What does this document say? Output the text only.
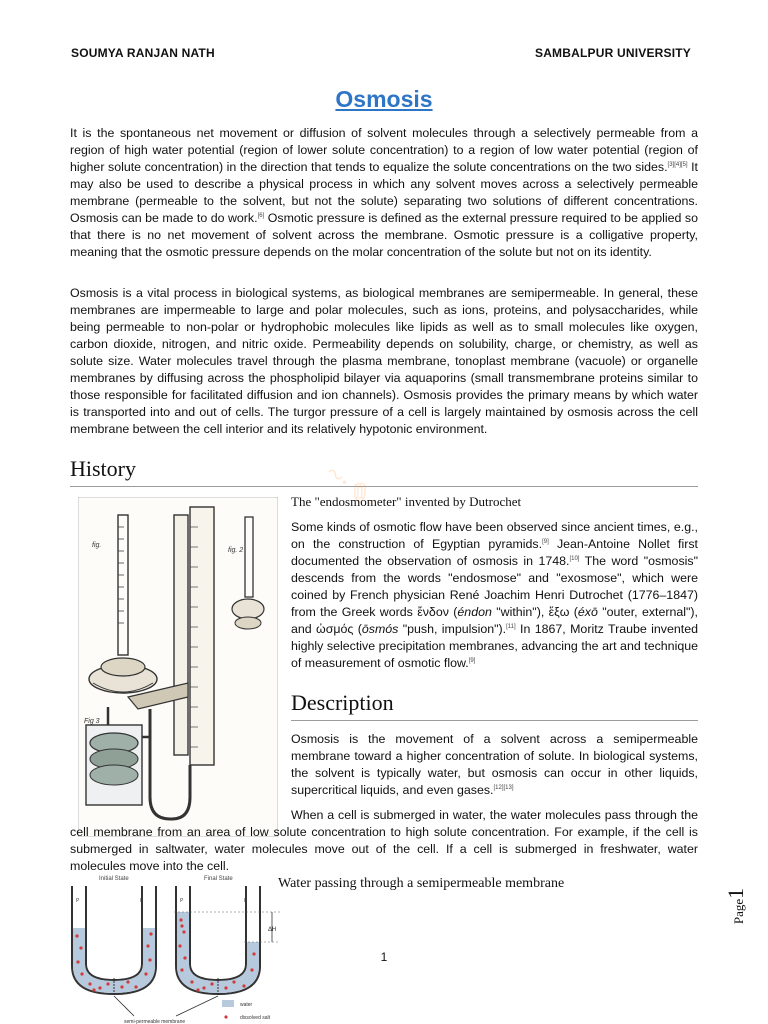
SOUMYA RANJAN NATH	SAMBALPUR UNIVERSITY
Osmosis

It is the spontaneous net movement or diffusion of solvent molecules through a selectively permeable from a region of high water potential (region of lower solute concentration) to a region of low water potential (region of higher solute concentration) in the direction that tends to equalize the solute concentrations on the two sides.[3][4][5] It may also be used to describe a physical process in which any solvent moves across a selectively permeable membrane (permeable to the solvent, but not the solute) separating two solutions of different concentrations. Osmosis can be made to do work.[6] Osmotic pressure is defined as the external pressure required to be applied so that there is no net movement of solvent across the membrane. Osmotic pressure is a colligative property, meaning that the osmotic pressure depends on the molar concentration of the solute but not on its identity.

Osmosis is a vital process in biological systems, as biological membranes are semipermeable. In general, these membranes are impermeable to large and polar molecules, such as ions, proteins, and polysaccharides, while being permeable to non-polar or hydrophobic molecules like lipids as well as to small molecules like oxygen, carbon dioxide, nitrogen, and nitric oxide. Permeability depends on solubility, charge, or chemistry, as well as solute size. Water molecules travel through the plasma membrane, tonoplast membrane (vacuole) or organelle membranes by diffusing across the phospholipid bilayer via aquaporins (small transmembrane proteins similar to those responsible for facilitated diffusion and ion channels). Osmosis provides the primary means by which water is transported into and out of cells. The turgor pressure of a cell is largely maintained by osmosis across the cell membrane between the cell interior and its relatively hypotonic environment.

History	~·✎·
fig.
fig. 2
Fig 3
The "endosmometer" invented by Dutrochet

Some kinds of osmotic flow have been observed since ancient times, e.g., on the construction of Egyptian pyramids.[9] Jean-Antoine Nollet first documented the observation of osmosis in 1748.[10] The word "osmosis" descends from the words "endosmose" and "exosmose", which were coined by French physician René Joachim Henri Dutrochet (1776–1847) from the Greek words ἔνδον (éndon "within"), ἔξω (éxō "outer, external"), and ὠσμός (ōsmós "push, impulsion").[11] In 1867, Moritz Traube invented highly selective precipitation membranes, advancing the art and technique of measurement of osmotic flow.[9]

Description

Osmosis is the movement of a solvent across a semipermeable membrane toward a higher concentration of solute. In biological systems, the solvent is typically water, but osmosis can occur in other liquids, supercritical liquids, and even gases.[12][13]

When a cell is submerged in water, the water molecules pass through the cell membrane from an area of low solute concentration to high solute concentration. For example, if the cell is submerged in saltwater, water molecules move out of the cell. If a cell is submerged in freshwater, water molecules move into the cell.

Initial State	Final State
P	P
ΔH
P	P
water
dissolved salt
semi-permeable membrane
Water passing through a semipermeable membrane
Page1
1
